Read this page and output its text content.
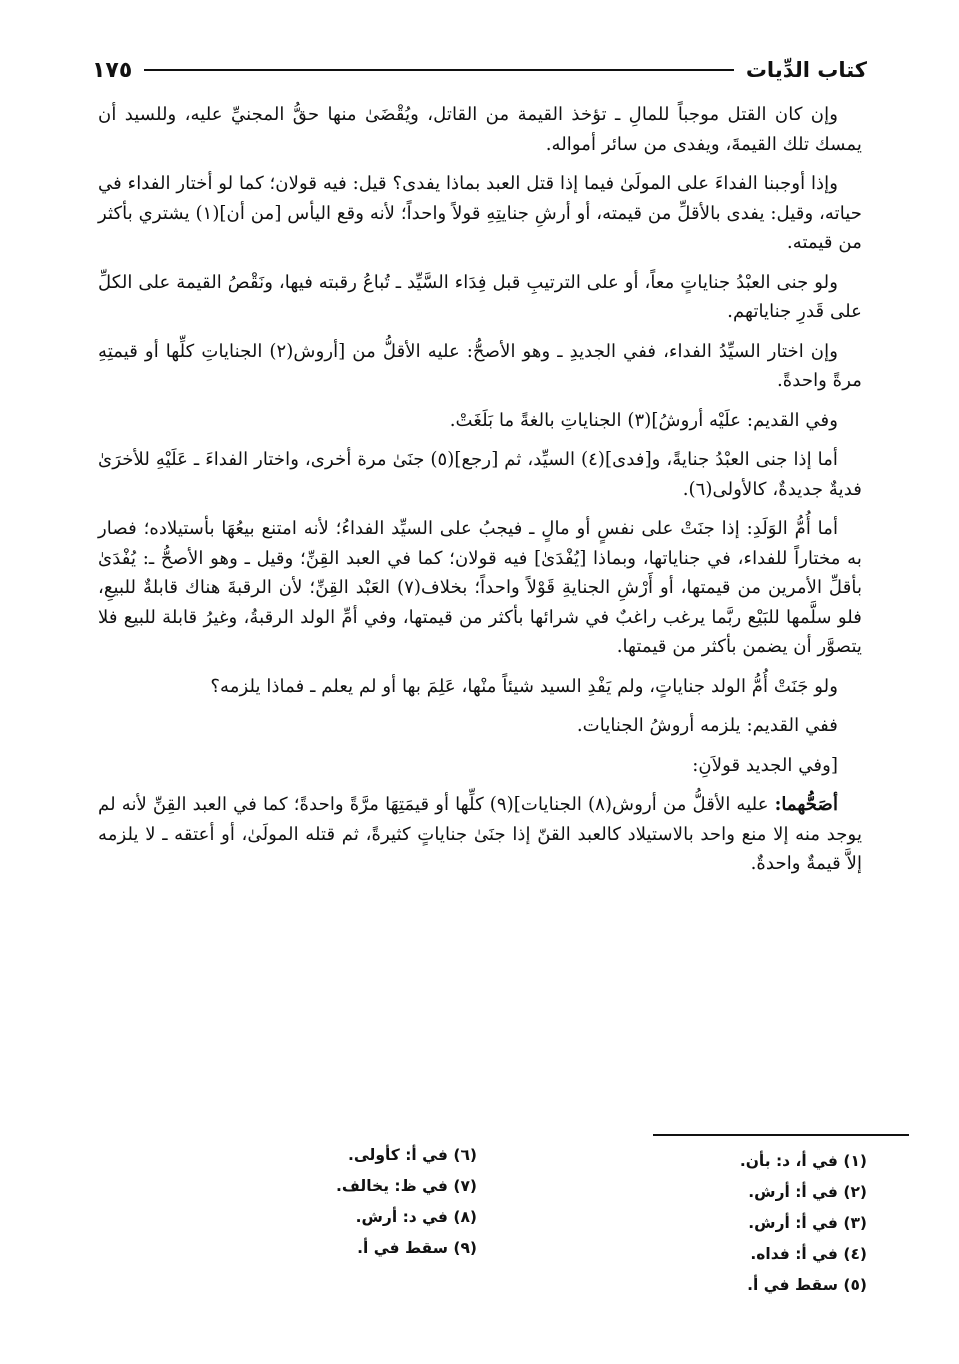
كتاب الدِّيات
١٧٥

وإن كان القتل موجباً للمالِ ـ تؤخذ القيمة من القاتل، ويُقْضَىٰ منها حقُّ المجنيِّ عليه، وللسيد أن يمسك تلك القيمةَ، ويفدى من سائر أمواله.

وإذا أوجبنا الفداءَ على المولَىٰ فيما إذا قتل العبد بماذا يفدى؟ قيل: فيه قولان؛ كما لو أختار الفداء في حياته، وقيل: يفدى بالأقلِّ من قيمته، أو أرشِ جنايتِهِ قولاً واحداً؛ لأنه وقع اليأس [من أن](١) يشتري بأكثر من قيمته.

ولو جنى العبْدُ جناياتٍ معاً، أو على الترتيبِ قبل فِدَاء السَّيِّد ـ تُباعُ رقبته فيها، ونَقْصُ القيمة على الكلِّ على قَدرِ جناياتهم.

وإن اختار السيِّدُ الفداء، ففي الجديدِ ـ وهو الأصحُّ: عليه الأقلُّ من [أروش(٢) الجناياتِ كلِّها أو قيمتِهِ مرةً واحدةً.

وفي القديم: علَيْه أروشُ](٣) الجناياتِ بالغةً ما بَلَغَتْ.

أما إذا جنى العبْدُ جنايةً، و[فدى](٤) السيِّد، ثم [رجع](٥) جنَىٰ مرة أخرى، واختار الفداءَ ـ عَلَيْهِ للأخرَىٰ فديةٌ جديدةٌ، كالأولى(٦).

أما أُمُّ الوَلَدِ: إذا جنَتْ على نفسٍ أو مالٍ ـ فيجبُ على السيِّد الفداءُ؛ لأنه امتنع بيعُهَا بأستيلاده؛ فصار به مختاراً للفداء، في جناياتها، وبماذا [يُفْدَىٰ] فيه قولان؛ كما في العبد القِنِّ؛ وقيل ـ وهو الأصحُّ ـ: يُفْدَىٰ بأقلِّ الأمرين من قيمتها، أو أَرْشِ الجنايةِ قَوْلاً واحداً؛ بخلاف(٧) العَبْد القِنِّ؛ لأن الرقبةَ هناك قابلةٌ للبيعِ، فلو سلَّمها للبَيْع ربَّما يرغب راغبٌ في شرائها بأكثر من قيمتها، وفي أمِّ الولد الرقبةُ، وغيرُ قابلة للبيع فلا يتصوَّر أن يضمن بأكثر من قيمتها.

ولو جَنَتْ أُمُّ الولد جناياتٍ، ولم يَفْدِ السيد شيئاً منْها، عَلِمَ بها أو لم يعلم ـ فماذا يلزمه؟

ففي القديم: يلزمه أروشُ الجنايات.

[وفي الجديد قولاَنِ:

أصَحُّهما: عليه الأقلُّ من أروش(٨) الجنايات](٩) كلِّها أو قيمَتِهَا مرَّةً واحدةً؛ كما في العبد القِنِّ لأنه لم يوجد منه إلا منع واحد بالاستيلاد كالعبد القنّ إذا جنَىٰ جناياتٍ كثيرةً، ثم قتله المولَىٰ، أو أعتقه ـ لا يلزمه إلاَّ قيمةٌ واحدةٌ.

(١) في أ، د: بأن.
(٢) في أ: أرش.
(٣) في أ: أرش.
(٤) في أ: فداه.
(٥) سقط في أ.
(٦) في أ: كأولى.
(٧) في ظ: يخالف.
(٨) في د: أرش.
(٩) سقط في أ.
